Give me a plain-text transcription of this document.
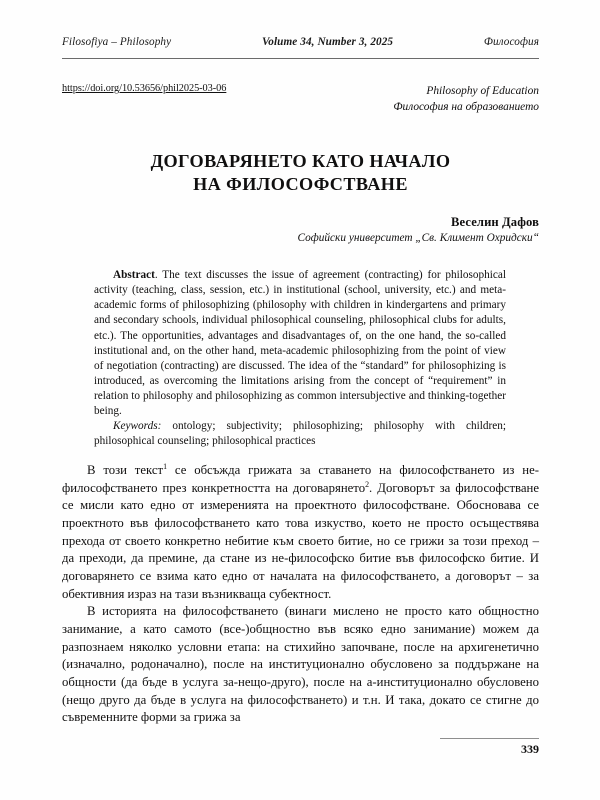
Filosofiya – Philosophy	Volume 34, Number 3, 2025	Философия
https://doi.org/10.53656/phil2025-03-06	Philosophy of Education
Философия на образованието
ДОГОВАРЯНЕТО КАТО НАЧАЛО
НА ФИЛОСОФСТВАНЕ
Веселин Дафов
Софийски университет „Св. Климент Охридски“

Abstract. The text discusses the issue of agreement (contracting) for philosophical activity (teaching, class, session, etc.) in institutional (school, university, etc.) and meta-academic forms of philosophizing (philosophy with children in kindergartens and primary and secondary schools, individual philosophical counseling, philosophical clubs for adults, etc.). The opportunities, advantages and disadvantages of, on the one hand, the so-called institutional and, on the other hand, meta-academic philosophizing from the point of view of negotiation (contracting) are discussed. The idea of the “standard” for philosophizing is introduced, as overcoming the limitations arising from the concept of “requirement” in relation to philosophy and philosophizing as common intersubjective and thinking-together being.

Keywords: ontology; subjectivity; philosophizing; philosophy with children; philosophical counseling; philosophical practices

В този текст$^1$ се обсъжда грижата за ставането на философстването из не-философстването през конкретността на договарянето$^2$. Договорът за философстване се мисли като едно от измеренията на проектното философстване. Обосновава се проектното във философстването като това изкуство, което не просто осъществява прехода от своето конкретно небитие към своето битие, но се грижи за този преход – да преходи, да премине, да стане из не-философско битие във философско битие. И договарянето се взима като едно от началата на философстването, а договорът – за обективния израз на тази възникваща субектност.

В историята на философстването (винаги мислено не просто като общностно занимание, а като самото (все-)общностно във всяко едно занимание) можем да разпознаем няколко условни етапа: на стихийно започване, после на архигенетично (изначално, родоначално), после на институционално обусловено за поддържане на общности (да бъде в услуга за-нещо-друго), после на а-институционално обусловено (нещо друго да бъде в услуга на философстването) и т.н. И така, докато се стигне до съвременните форми за грижа за

339
